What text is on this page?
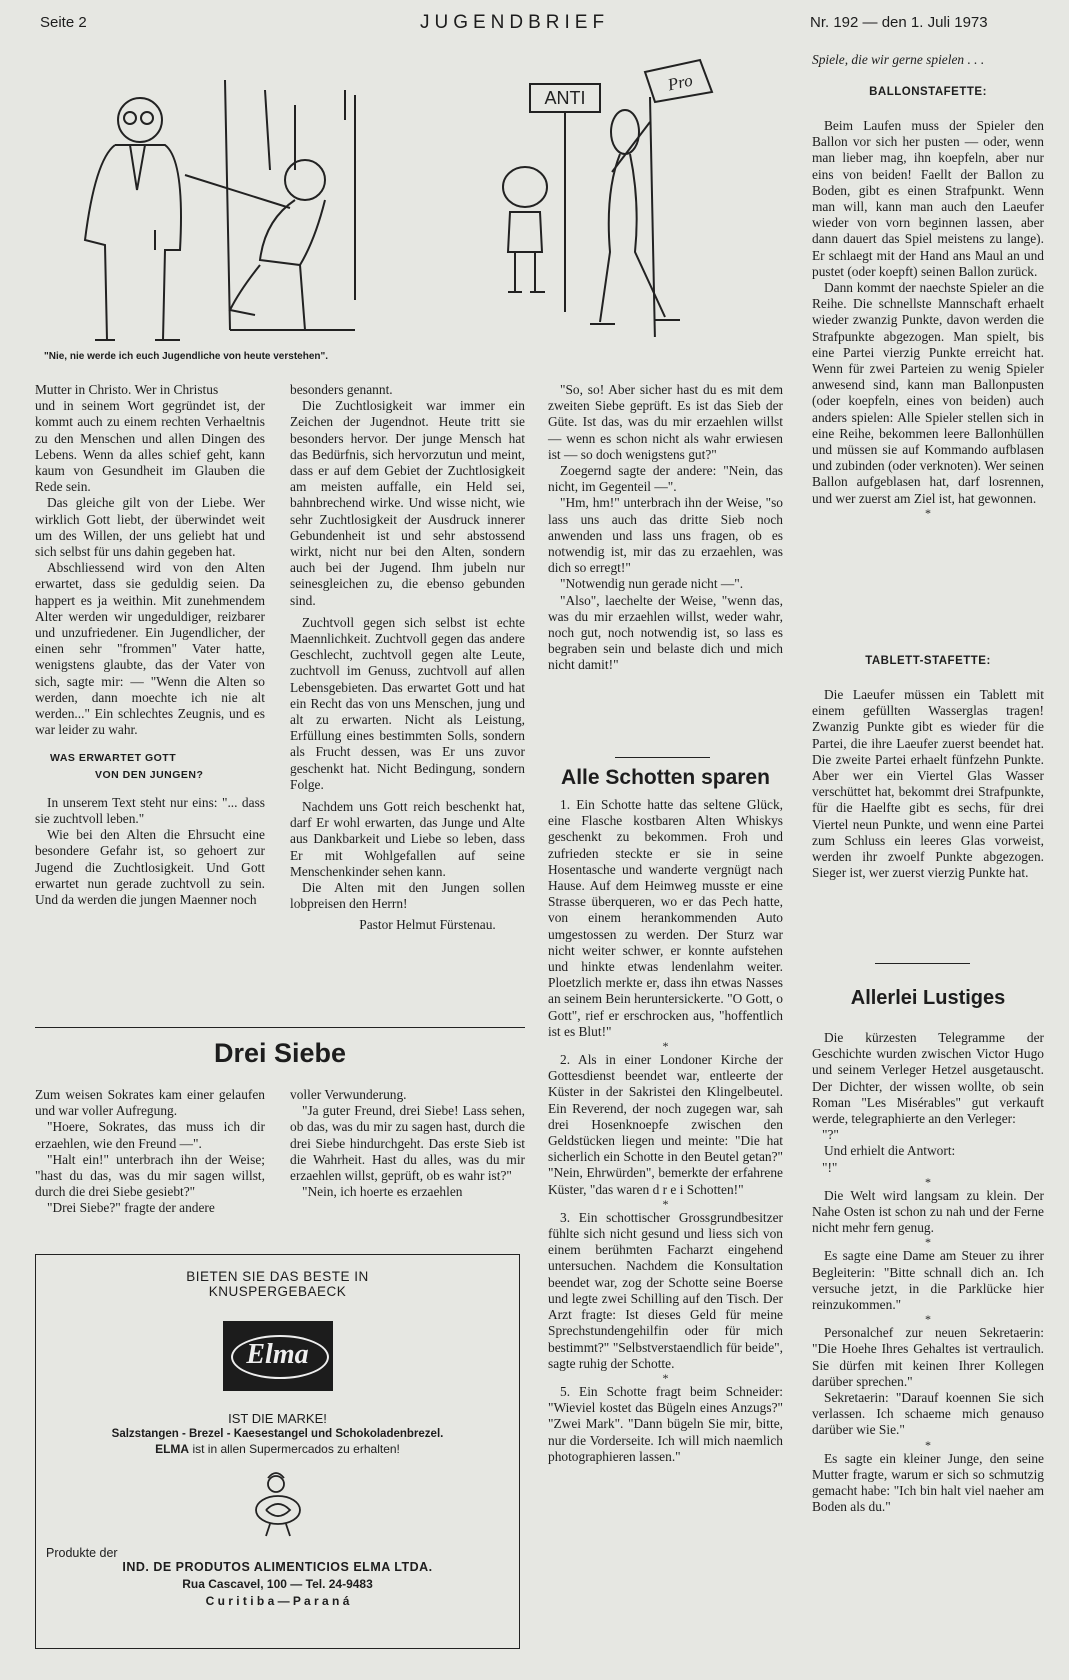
Seite 2	JUGENDBRIEF	Nr. 192 — den 1. Juli 1973
"Nie, nie werde ich euch Jugendliche von heute verstehen".
ANTI
Pro

Mutter in Christo. Wer in Christus

und in seinem Wort gegründet ist, der kommt auch zu einem rechten Verhaeltnis zu den Menschen und allen Dingen des Lebens. Wenn da alles schief geht, kann kaum von Gesundheit im Glauben die Rede sein.

Das gleiche gilt von der Liebe. Wer wirklich Gott liebt, der überwindet weit um des Willen, der uns geliebt hat und sich selbst für uns dahin gegeben hat.

Abschliessend wird von den Alten erwartet, dass sie geduldig seien. Da happert es ja weithin. Mit zunehmendem Alter werden wir ungeduldiger, reizbarer und unzufriedener. Ein Jugendlicher, der einen sehr "frommen" Vater hatte, wenigstens glaubte, das der Vater von sich, sagte mir: — "Wenn die Alten so werden, dann moechte ich nie alt werden..." Ein schlechtes Zeugnis, und es war leider zu wahr.

WAS ERWARTET GOTT
VON DEN JUNGEN?

In unserem Text steht nur eins: "... dass sie zuchtvoll leben."

Wie bei den Alten die Ehrsucht eine besondere Gefahr ist, so gehoert zur Jugend die Zuchtlosigkeit. Und Gott erwartet nun gerade zuchtvoll zu sein. Und da werden die jungen Maenner noch

besonders genannt.

Die Zuchtlosigkeit war immer ein Zeichen der Jugendnot. Heute tritt sie besonders hervor. Der junge Mensch hat das Bedürfnis, sich hervorzutun und meint, dass er auf dem Gebiet der Zuchtlosigkeit am meisten auffalle, ein Held sei, bahnbrechend wirke. Und wisse nicht, wie sehr Zuchtlosigkeit der Ausdruck innerer Gebundenheit ist und sehr abstossend wirkt, nicht nur bei den Alten, sondern auch bei der Jugend. Ihm jubeln nur seinesgleichen zu, die ebenso gebunden sind.

Zuchtvoll gegen sich selbst ist echte Maennlichkeit. Zuchtvoll gegen das andere Geschlecht, zuchtvoll gegen alte Leute, zuchtvoll im Genuss, zuchtvoll auf allen Lebensgebieten. Das erwartet Gott und hat ein Recht das von uns Menschen, jung und alt zu erwarten. Nicht als Leistung, Erfüllung eines bestimmten Solls, sondern als Frucht dessen, was Er uns zuvor geschenkt hat. Nicht Bedingung, sondern Folge.

Nachdem uns Gott reich beschenkt hat, darf Er wohl erwarten, das Junge und Alte aus Dankbarkeit und Liebe so leben, dass Er mit Wohlgefallen auf seine Menschenkinder sehen kann.

Die Alten mit den Jungen sollen lobpreisen den Herrn!

Pastor Helmut Fürstenau.

Drei Siebe

Zum weisen Sokrates kam einer gelaufen und war voller Aufregung.

"Hoere, Sokrates, das muss ich dir erzaehlen, wie den Freund —".

"Halt ein!" unterbrach ihn der Weise; "hast du das, was du mir sagen willst, durch die drei Siebe gesiebt?"

"Drei Siebe?" fragte der andere

voller Verwunderung.

"Ja guter Freund, drei Siebe! Lass sehen, ob das, was du mir zu sagen hast, durch die drei Siebe hindurchgeht. Das erste Sieb ist die Wahrheit. Hast du alles, was du mir erzaehlen willst, geprüft, ob es wahr ist?"

"Nein, ich hoerte es erzaehlen

BIETEN SIE DAS BESTE IN
KNUSPERGEBAECK
Elma
IST DIE MARKE!
Salzstangen - Brezel - Kaesestangel und Schokoladenbrezel.
ELMA ist in allen Supermercados zu erhalten!
Produkte der
IND. DE PRODUTOS ALIMENTICIOS ELMA LTDA.
Rua Cascavel, 100 — Tel. 24-9483
C u r i t i b a — P a r a n á

"So, so! Aber sicher hast du es mit dem zweiten Siebe geprüft. Es ist das Sieb der Güte. Ist das, was du mir erzaehlen willst — wenn es schon nicht als wahr erwiesen ist — so doch wenigstens gut?"

Zoegernd sagte der andere: "Nein, das nicht, im Gegenteil —".

"Hm, hm!" unterbrach ihn der Weise, "so lass uns auch das dritte Sieb noch anwenden und lass uns fragen, ob es notwendig ist, mir das zu erzaehlen, was dich so erregt!"

"Notwendig nun gerade nicht —".

"Also", laechelte der Weise, "wenn das, was du mir erzaehlen willst, weder wahr, noch gut, noch notwendig ist, so lass es begraben sein und belaste dich und mich nicht damit!"

Alle Schotten sparen

1. Ein Schotte hatte das seltene Glück, eine Flasche kostbaren Alten Whiskys geschenkt zu bekommen. Froh und zufrieden steckte er sie in seine Hosentasche und wanderte vergnügt nach Hause. Auf dem Heimweg musste er eine Strasse überqueren, wo er das Pech hatte, von einem herankommenden Auto umgestossen zu werden. Der Sturz war nicht weiter schwer, er konnte aufstehen und hinkte etwas lendenlahm weiter. Ploetzlich merkte er, dass ihn etwas Nasses an seinem Bein heruntersickerte. "O Gott, o Gott", rief er erschrocken aus, "hoffentlich ist es Blut!"

*

2. Als in einer Londoner Kirche der Gottesdienst beendet war, entleerte der Küster in der Sakristei den Klingelbeutel. Ein Reverend, der noch zugegen war, sah drei Hosenknoepfe zwischen den Geldstücken liegen und meinte: "Die hat sicherlich ein Schotte in den Beutel getan?" "Nein, Ehrwürden", bemerkte der erfahrene Küster, "das waren d r e i Schotten!"

*

3. Ein schottischer Grossgrundbesitzer fühlte sich nicht gesund und liess sich von einem berühmten Facharzt eingehend untersuchen. Nachdem die Konsultation beendet war, zog der Schotte seine Boerse und legte zwei Schilling auf den Tisch. Der Arzt fragte: Ist dieses Geld für meine Sprechstundengehilfin oder für mich bestimmt?" "Selbstverstaendlich für beide", sagte ruhig der Schotte.

*

5. Ein Schotte fragt beim Schneider: "Wieviel kostet das Bügeln eines Anzugs?" "Zwei Mark". "Dann bügeln Sie mir, bitte, nur die Vorderseite. Ich will mich naemlich photographieren lassen."

Spiele, die wir gerne spielen . . .
BALLONSTAFETTE:

Beim Laufen muss der Spieler den Ballon vor sich her pusten — oder, wenn man lieber mag, ihn koepfeln, aber nur eins von beiden! Faellt der Ballon zu Boden, gibt es einen Strafpunkt. Wenn man will, kann man auch den Laeufer wieder von vorn beginnen lassen, aber dann dauert das Spiel meistens zu lange). Er schlaegt mit der Hand ans Maul an und pustet (oder koepft) seinen Ballon zurück.

Dann kommt der naechste Spieler an die Reihe. Die schnellste Mannschaft erhaelt wieder zwanzig Punkte, davon werden die Strafpunkte abgezogen. Man spielt, bis eine Partei vierzig Punkte erreicht hat. Wenn für zwei Parteien zu wenig Spieler anwesend sind, kann man Ballonpusten (oder koepfeln, eines von beiden) auch anders spielen: Alle Spieler stellen sich in eine Reihe, bekommen leere Ballonhüllen und müssen sie auf Kommando aufblasen und zubinden (oder verknoten). Wer seinen Ballon aufgeblasen hat, darf losrennen, und wer zuerst am Ziel ist, hat gewonnen.

*

TABLETT-STAFETTE:

Die Laeufer müssen ein Tablett mit einem gefüllten Wasserglas tragen! Zwanzig Punkte gibt es wieder für die Partei, die ihre Laeufer zuerst beendet hat. Die zweite Partei erhaelt fünfzehn Punkte. Aber wer ein Viertel Glas Wasser verschüttet hat, bekommt drei Strafpunkte, für die Haelfte gibt es sechs, für drei Viertel neun Punkte, und wenn eine Partei zum Schluss ein leeres Glas vorweist, werden ihr zwoelf Punkte abgezogen. Sieger ist, wer zuerst vierzig Punkte hat.

Allerlei Lustiges

Die kürzesten Telegramme der Geschichte wurden zwischen Victor Hugo und seinem Verleger Hetzel ausgetauscht. Der Dichter, der wissen wollte, ob sein Roman "Les Misérables" gut verkauft werde, telegraphierte an den Verleger:

"?"

Und erhielt die Antwort:

"!"

*

Die Welt wird langsam zu klein. Der Nahe Osten ist schon zu nah und der Ferne nicht mehr fern genug.

*

Es sagte eine Dame am Steuer zu ihrer Begleiterin: "Bitte schnall dich an. Ich versuche jetzt, in die Parklücke hier reinzukommen."

*

Personalchef zur neuen Sekretaerin: "Die Hoehe Ihres Gehaltes ist vertraulich. Sie dürfen mit keinen Ihrer Kollegen darüber sprechen."

Sekretaerin: "Darauf koennen Sie sich verlassen. Ich schaeme mich genauso darüber wie Sie."

*

Es sagte ein kleiner Junge, den seine Mutter fragte, warum er sich so schmutzig gemacht habe: "Ich bin halt viel naeher am Boden als du."
